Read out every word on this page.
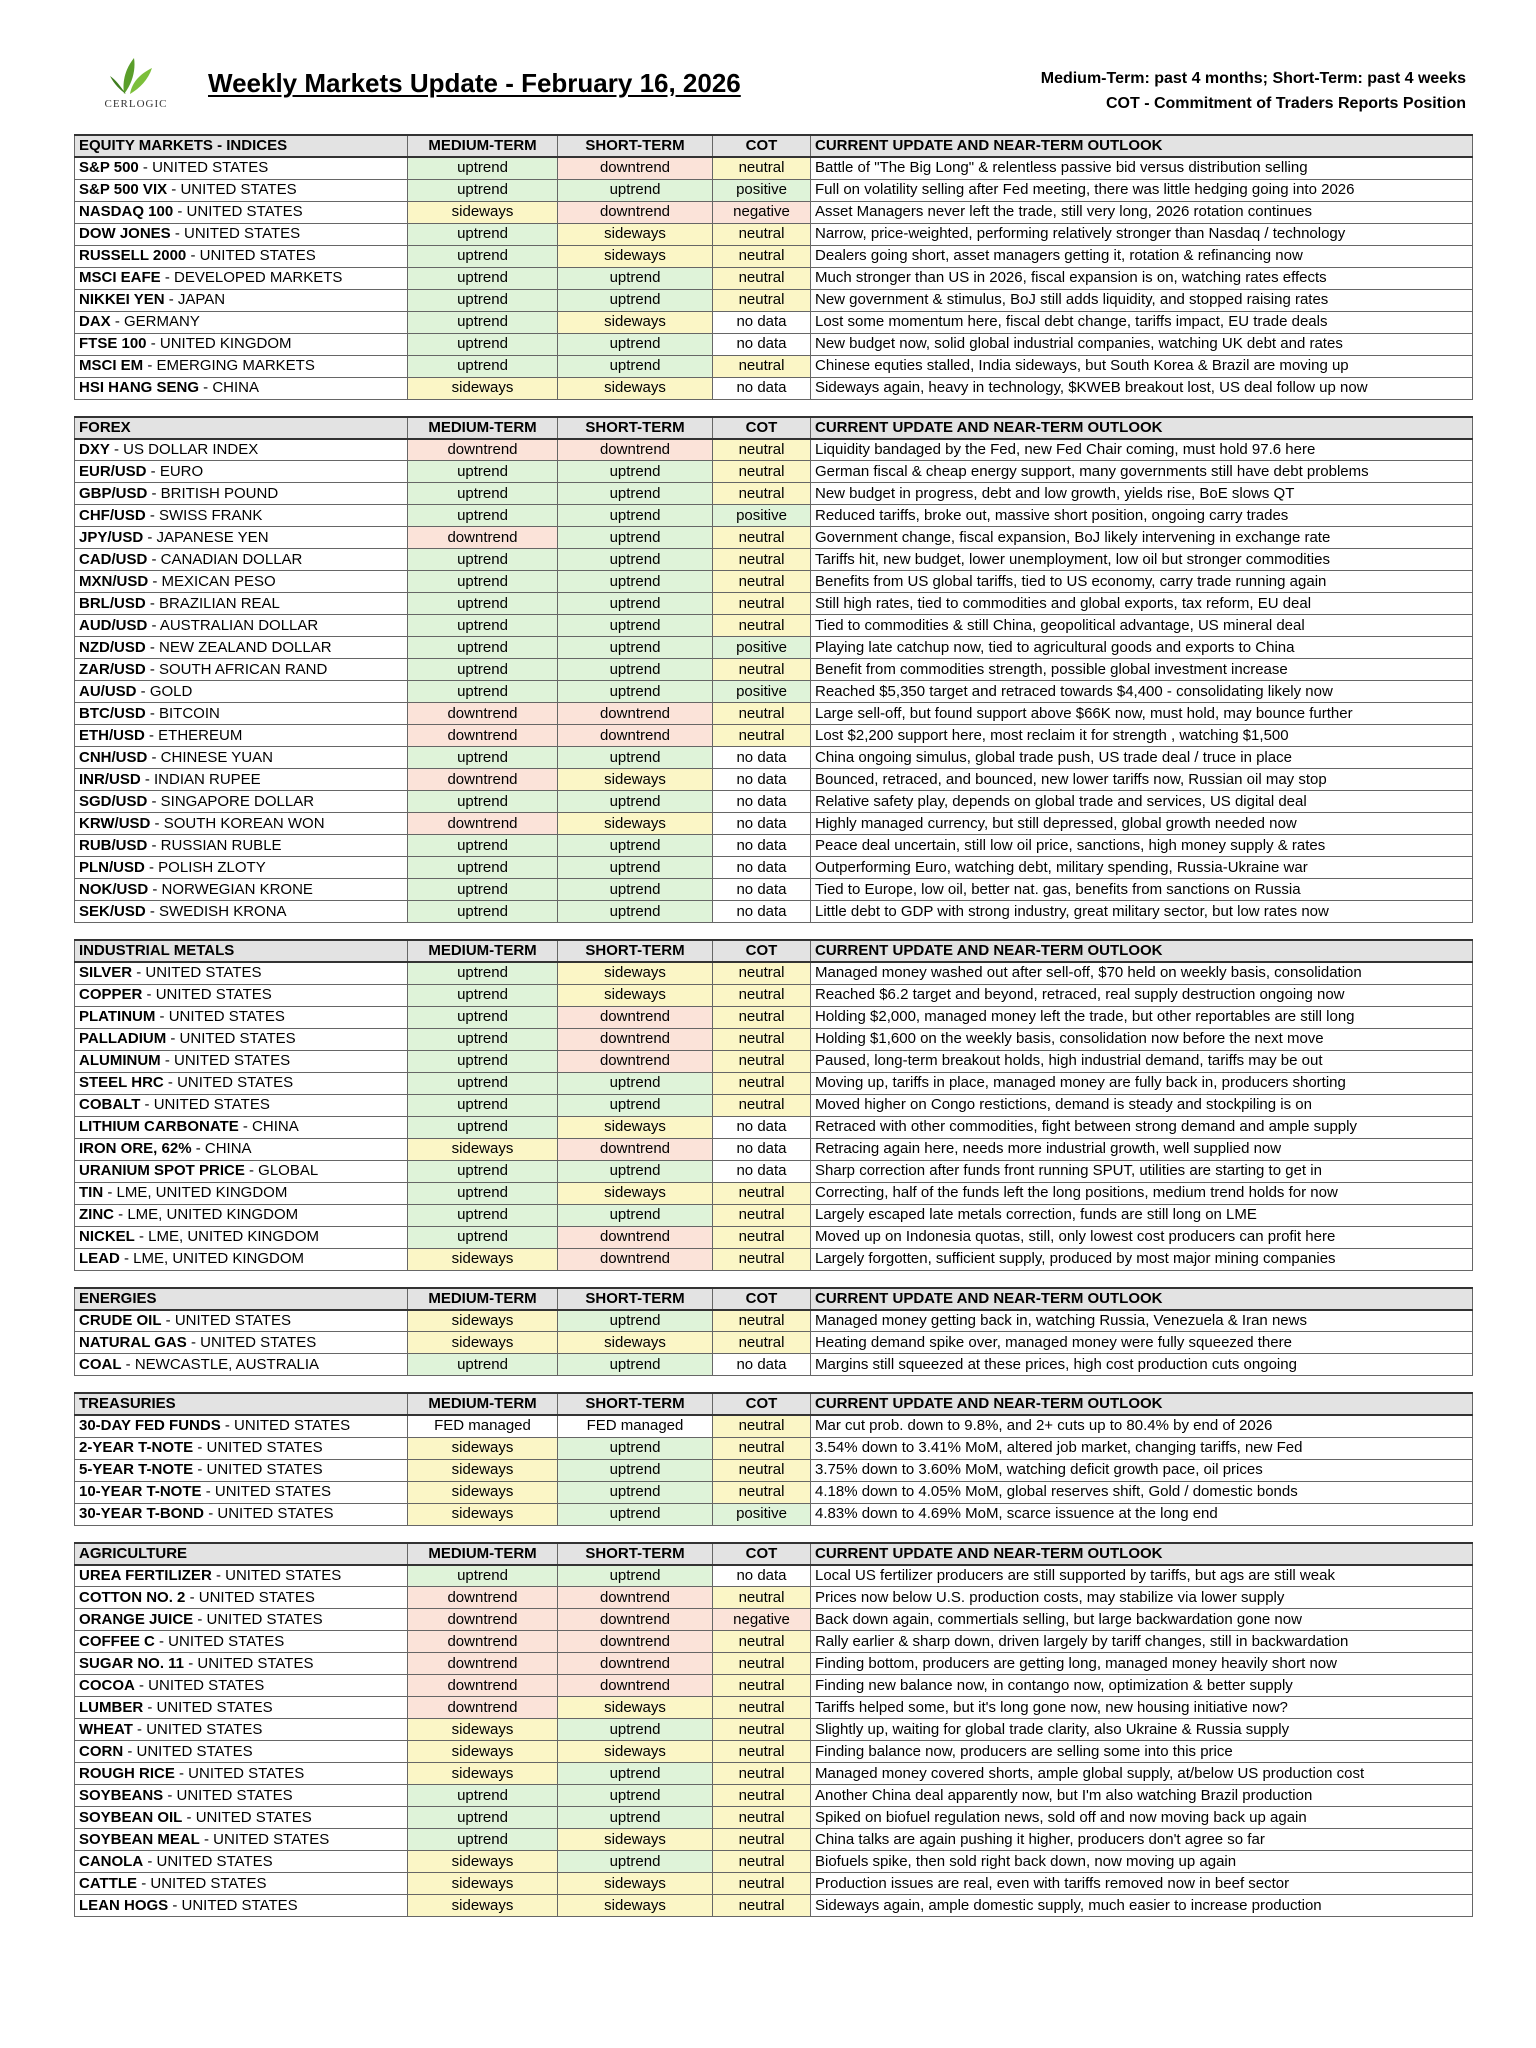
CERLOGIC
Weekly Markets Update - February 16, 2026	Medium-Term: past 4 months; Short-Term: past 4 weeks
COT - Commitment of Traders Reports Position
EQUITY MARKETS - INDICES	MEDIUM-TERM	SHORT-TERM	COT	CURRENT UPDATE AND NEAR-TERM OUTLOOK
S&P 500 - UNITED STATES	uptrend	downtrend	neutral	Battle of "The Big Long" & relentless passive bid versus distribution selling
S&P 500 VIX - UNITED STATES	uptrend	uptrend	positive	Full on volatility selling after Fed meeting, there was little hedging going into 2026
NASDAQ 100 - UNITED STATES	sideways	downtrend	negative	Asset Managers never left the trade, still very long, 2026 rotation continues
DOW JONES - UNITED STATES	uptrend	sideways	neutral	Narrow, price-weighted, performing relatively stronger than Nasdaq / technology
RUSSELL 2000 - UNITED STATES	uptrend	sideways	neutral	Dealers going short, asset managers getting it, rotation & refinancing now
MSCI EAFE - DEVELOPED MARKETS	uptrend	uptrend	neutral	Much stronger than US in 2026, fiscal expansion is on, watching rates effects
NIKKEI YEN - JAPAN	uptrend	uptrend	neutral	New government & stimulus, BoJ still adds liquidity, and stopped raising rates
DAX - GERMANY	uptrend	sideways	no data	Lost some momentum here, fiscal debt change, tariffs impact, EU trade deals
FTSE 100 - UNITED KINGDOM	uptrend	uptrend	no data	New budget now, solid global industrial companies, watching UK debt and rates
MSCI EM - EMERGING MARKETS	uptrend	uptrend	neutral	Chinese equties stalled, India sideways, but South Korea & Brazil are moving up
HSI HANG SENG - CHINA	sideways	sideways	no data	Sideways again, heavy in technology, $KWEB breakout lost, US deal follow up now
FOREX	MEDIUM-TERM	SHORT-TERM	COT	CURRENT UPDATE AND NEAR-TERM OUTLOOK
DXY - US DOLLAR INDEX	downtrend	downtrend	neutral	Liquidity bandaged by the Fed, new Fed Chair coming, must hold 97.6 here
EUR/USD - EURO	uptrend	uptrend	neutral	German fiscal & cheap energy support, many governments still have debt problems
GBP/USD - BRITISH POUND	uptrend	uptrend	neutral	New budget in progress, debt and low growth, yields rise, BoE slows QT
CHF/USD - SWISS FRANK	uptrend	uptrend	positive	Reduced tariffs, broke out, massive short position, ongoing carry trades
JPY/USD - JAPANESE YEN	downtrend	uptrend	neutral	Government change, fiscal expansion, BoJ likely intervening in exchange rate
CAD/USD - CANADIAN DOLLAR	uptrend	uptrend	neutral	Tariffs hit, new budget, lower unemployment, low oil but stronger commodities
MXN/USD - MEXICAN PESO	uptrend	uptrend	neutral	Benefits from US global tariffs, tied to US economy, carry trade running again
BRL/USD - BRAZILIAN REAL	uptrend	uptrend	neutral	Still high rates, tied to commodities and global exports, tax reform, EU deal
AUD/USD - AUSTRALIAN DOLLAR	uptrend	uptrend	neutral	Tied to commodities & still China, geopolitical advantage, US mineral deal
NZD/USD - NEW ZEALAND DOLLAR	uptrend	uptrend	positive	Playing late catchup now, tied to agricultural goods and exports to China
ZAR/USD - SOUTH AFRICAN RAND	uptrend	uptrend	neutral	Benefit from commodities strength, possible global investment increase
AU/USD - GOLD	uptrend	uptrend	positive	Reached $5,350 target and retraced towards $4,400 - consolidating likely now
BTC/USD - BITCOIN	downtrend	downtrend	neutral	Large sell-off, but found support above $66K now, must hold, may bounce further
ETH/USD - ETHEREUM	downtrend	downtrend	neutral	Lost $2,200 support here, most reclaim it for strength , watching $1,500
CNH/USD - CHINESE YUAN	uptrend	uptrend	no data	China ongoing simulus, global trade push, US trade deal / truce in place
INR/USD - INDIAN RUPEE	downtrend	sideways	no data	Bounced, retraced, and bounced, new lower tariffs now, Russian oil may stop
SGD/USD - SINGAPORE DOLLAR	uptrend	uptrend	no data	Relative safety play, depends on global trade and services, US digital deal
KRW/USD - SOUTH KOREAN WON	downtrend	sideways	no data	Highly managed currency, but still depressed, global growth needed now
RUB/USD - RUSSIAN RUBLE	uptrend	uptrend	no data	Peace deal uncertain, still low oil price, sanctions, high money supply & rates
PLN/USD - POLISH ZLOTY	uptrend	uptrend	no data	Outperforming Euro, watching debt, military spending, Russia-Ukraine war
NOK/USD - NORWEGIAN KRONE	uptrend	uptrend	no data	Tied to Europe, low oil, better nat. gas, benefits from sanctions on Russia
SEK/USD - SWEDISH KRONA	uptrend	uptrend	no data	Little debt to GDP with strong industry, great military sector, but low rates now
INDUSTRIAL METALS	MEDIUM-TERM	SHORT-TERM	COT	CURRENT UPDATE AND NEAR-TERM OUTLOOK
SILVER - UNITED STATES	uptrend	sideways	neutral	Managed money washed out after sell-off, $70 held on weekly basis, consolidation
COPPER - UNITED STATES	uptrend	sideways	neutral	Reached $6.2 target and beyond, retraced, real supply destruction ongoing now
PLATINUM - UNITED STATES	uptrend	downtrend	neutral	Holding $2,000, managed money left the trade, but other reportables are still long
PALLADIUM - UNITED STATES	uptrend	downtrend	neutral	Holding $1,600 on the weekly basis, consolidation now before the next move
ALUMINUM - UNITED STATES	uptrend	downtrend	neutral	Paused, long-term breakout holds, high industrial demand, tariffs may be out
STEEL HRC - UNITED STATES	uptrend	uptrend	neutral	Moving up, tariffs in place, managed money are fully back in, producers shorting
COBALT - UNITED STATES	uptrend	uptrend	neutral	Moved higher on Congo restictions, demand is steady and stockpiling is on
LITHIUM CARBONATE - CHINA	uptrend	sideways	no data	Retraced with other commodities, fight between strong demand and ample supply
IRON ORE, 62% - CHINA	sideways	downtrend	no data	Retracing again here, needs more industrial growth, well supplied now
URANIUM SPOT PRICE - GLOBAL	uptrend	uptrend	no data	Sharp correction after funds front running SPUT, utilities are starting to get in
TIN - LME, UNITED KINGDOM	uptrend	sideways	neutral	Correcting, half of the funds left the long positions, medium trend holds for now
ZINC - LME, UNITED KINGDOM	uptrend	uptrend	neutral	Largely escaped late metals correction, funds are still long on LME
NICKEL - LME, UNITED KINGDOM	uptrend	downtrend	neutral	Moved up on Indonesia quotas, still, only lowest cost producers can profit here
LEAD - LME, UNITED KINGDOM	sideways	downtrend	neutral	Largely forgotten, sufficient supply, produced by most major mining companies
ENERGIES	MEDIUM-TERM	SHORT-TERM	COT	CURRENT UPDATE AND NEAR-TERM OUTLOOK
CRUDE OIL - UNITED STATES	sideways	uptrend	neutral	Managed money getting back in, watching Russia, Venezuela & Iran news
NATURAL GAS - UNITED STATES	sideways	sideways	neutral	Heating demand spike over, managed money were fully squeezed there
COAL - NEWCASTLE, AUSTRALIA	uptrend	uptrend	no data	Margins still squeezed at these prices, high cost production cuts ongoing
TREASURIES	MEDIUM-TERM	SHORT-TERM	COT	CURRENT UPDATE AND NEAR-TERM OUTLOOK
30-DAY FED FUNDS - UNITED STATES	FED managed	FED managed	neutral	Mar cut prob. down to 9.8%, and 2+ cuts up to 80.4% by end of 2026
2-YEAR T-NOTE - UNITED STATES	sideways	uptrend	neutral	3.54% down to 3.41% MoM, altered job market, changing tariffs, new Fed
5-YEAR T-NOTE - UNITED STATES	sideways	uptrend	neutral	3.75% down to 3.60% MoM, watching deficit growth pace, oil prices
10-YEAR T-NOTE - UNITED STATES	sideways	uptrend	neutral	4.18% down to 4.05% MoM, global reserves shift, Gold / domestic bonds
30-YEAR T-BOND - UNITED STATES	sideways	uptrend	positive	4.83% down to 4.69% MoM, scarce issuence at the long end
AGRICULTURE	MEDIUM-TERM	SHORT-TERM	COT	CURRENT UPDATE AND NEAR-TERM OUTLOOK
UREA FERTILIZER - UNITED STATES	uptrend	uptrend	no data	Local US fertilizer producers are still supported by tariffs, but ags are still weak
COTTON NO. 2 - UNITED STATES	downtrend	downtrend	neutral	Prices now below U.S. production costs, may stabilize via lower supply
ORANGE JUICE - UNITED STATES	downtrend	downtrend	negative	Back down again, commertials selling, but large backwardation gone now
COFFEE C - UNITED STATES	downtrend	downtrend	neutral	Rally earlier & sharp down, driven largely by tariff changes, still in backwardation
SUGAR NO. 11 - UNITED STATES	downtrend	downtrend	neutral	Finding bottom, producers are getting long, managed money heavily short now
COCOA - UNITED STATES	downtrend	downtrend	neutral	Finding new balance now, in contango now, optimization & better supply
LUMBER - UNITED STATES	downtrend	sideways	neutral	Tariffs helped some, but it's long gone now, new housing initiative now?
WHEAT - UNITED STATES	sideways	uptrend	neutral	Slightly up, waiting for global trade clarity, also Ukraine & Russia supply
CORN - UNITED STATES	sideways	sideways	neutral	Finding balance now, producers are selling some into this price
ROUGH RICE - UNITED STATES	sideways	uptrend	neutral	Managed money covered shorts, ample global supply, at/below US production cost
SOYBEANS - UNITED STATES	uptrend	uptrend	neutral	Another China deal apparently now, but I'm also watching Brazil production
SOYBEAN OIL - UNITED STATES	uptrend	uptrend	neutral	Spiked on biofuel regulation news, sold off and now moving back up again
SOYBEAN MEAL - UNITED STATES	uptrend	sideways	neutral	China talks are again pushing it higher, producers don't agree so far
CANOLA - UNITED STATES	sideways	uptrend	neutral	Biofuels spike, then sold right back down, now moving up again
CATTLE - UNITED STATES	sideways	sideways	neutral	Production issues are real, even with tariffs removed now in beef sector
LEAN HOGS - UNITED STATES	sideways	sideways	neutral	Sideways again, ample domestic supply, much easier to increase production
